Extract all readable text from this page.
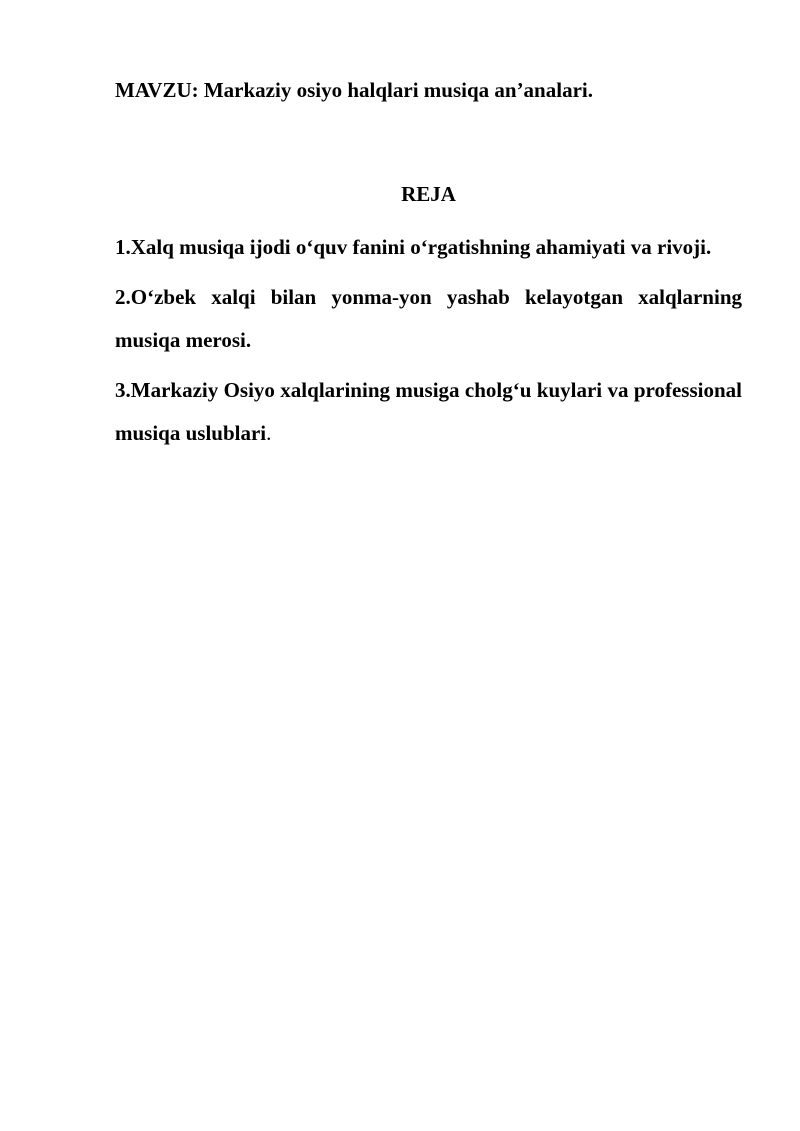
MAVZU: Markaziy osiyo halqlari musiqa an’analari.

REJA

1.Xalq musiqa ijodi o‘quv fanini o‘rgatishning ahamiyati va rivoji.

2.O‘zbek xalqi bilan yonma-yon yashab kelayotgan xalqlarning musiqa merosi.

3.Markaziy Osiyo xalqlarining musiga cholg‘u kuylari va professional musiqa uslublari.
